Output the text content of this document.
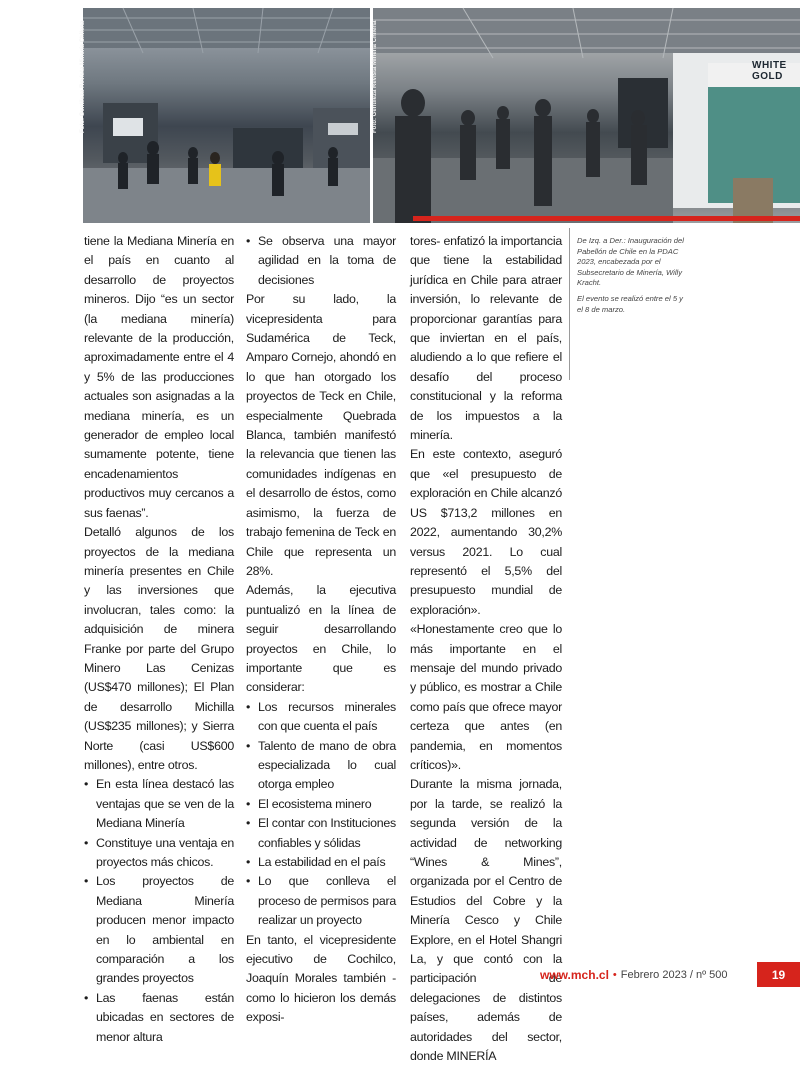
Foto: Gentileza Revista Minería Chilena	Foto: Gentileza Revista Minería Chilena	WHITE GOLD

tiene la Mediana Minería en el país en cuanto al desarrollo de proyectos mineros. Dijo “es un sector (la mediana minería) relevante de la producción, aproximadamente entre el 4 y 5% de las producciones actuales son asignadas a la mediana minería, es un generador de empleo local sumamente potente, tiene encadenamientos productivos muy cercanos a sus faenas”.

Detalló algunos de los proyectos de la mediana minería presentes en Chile y las inversiones que involucran, tales como: la adquisición de minera Franke por parte del Grupo Minero Las Cenizas (US$470 millones); El Plan de desarrollo Michilla (US$235 millones); y Sierra Norte (casi US$600 millones), entre otros.

• En esta línea destacó las ventajas que se ven de la Mediana Minería
• Constituye una ventaja en proyectos más chicos.
• Los proyectos de Mediana Minería producen menor impacto en lo ambiental en comparación a los grandes proyectos
• Las faenas están ubicadas en sectores de menor altura
• Se observa una mayor agilidad en la toma de decisiones

Por su lado, la vicepresidenta para Sudamérica de Teck, Amparo Cornejo, ahondó en lo que han otorgado los proyectos de Teck en Chile, especialmente Quebrada Blanca, también manifestó la relevancia que tienen las comunidades indígenas en el desarrollo de éstos, como asimismo, la fuerza de trabajo femenina de Teck en Chile que representa un 28%.

Además, la ejecutiva puntualizó en la línea de seguir desarrollando proyectos en Chile, lo importante que es considerar:

• Los recursos minerales con que cuenta el país
• Talento de mano de obra especializada lo cual otorga empleo
• El ecosistema minero
• El contar con Instituciones confiables y sólidas
• La estabilidad en el país
• Lo que conlleva el proceso de permisos para realizar un proyecto

En tanto, el vicepresidente ejecutivo de Cochilco, Joaquín Morales también -como lo hicieron los demás exposi-

tores- enfatizó la importancia que tiene la estabilidad jurídica en Chile para atraer inversión, lo relevante de proporcionar garantías para que inviertan en el país, aludiendo a lo que refiere el desafío del proceso constitucional y la reforma de los impuestos a la minería.

En este contexto, aseguró que «el presupuesto de exploración en Chile alcanzó US $713,2 millones en 2022, aumentando 30,2% versus 2021. Lo cual representó el 5,5% del presupuesto mundial de exploración».

«Honestamente creo que lo más importante en el mensaje del mundo privado y público, es mostrar a Chile como país que ofrece mayor certeza que antes (en pandemia, en momentos críticos)».

Durante la misma jornada, por la tarde, se realizó la segunda versión de la actividad de networking “Wines & Mines”, organizada por el Centro de Estudios del Cobre y la Minería Cesco y Chile Explore, en el Hotel Shangri La, y que contó con la participación de delegaciones de distintos países, además de autoridades del sector, donde MINERÍA

De Izq. a Der.: Inauguración del Pabellón de Chile en la PDAC 2023, encabezada por el Subsecretario de Minería, Willy Kracht.

El evento se realizó entre el 5 y el 8 de marzo.

www.mch.cl • Febrero 2023 / nº 500	19
